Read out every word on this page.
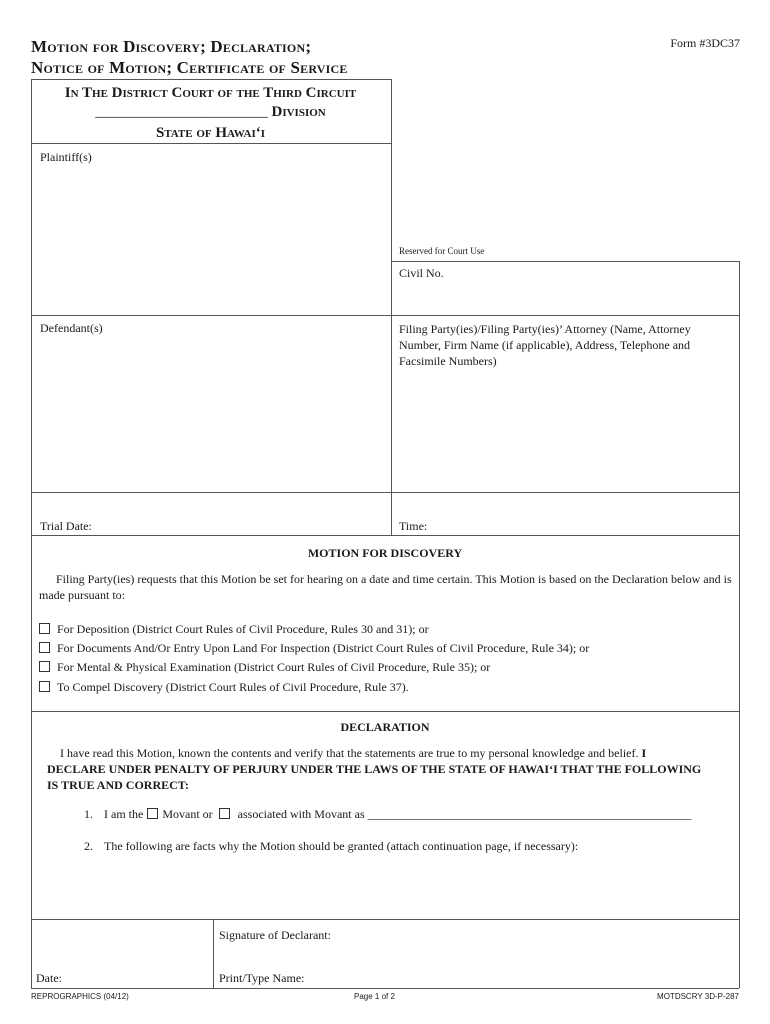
Motion for Discovery; Declaration;
Notice of Motion; Certificate of Service
Form #3DC37
In The District Court of the Third Circuit
_______________________ Division
State of Hawai‘i
Plaintiff(s)
Reserved for Court Use
Civil No.
Defendant(s)	Filing Party(ies)/Filing Party(ies)’ Attorney (Name, Attorney Number, Firm Name (if applicable), Address, Telephone and Facsimile Numbers)
Trial Date:	Time:
MOTION FOR DISCOVERY
Filing Party(ies) requests that this Motion be set for hearing on a date and time certain. This Motion is based on the Declaration below and is made pursuant to:
For Deposition (District Court Rules of Civil Procedure, Rules 30 and 31); or
For Documents And/Or Entry Upon Land For Inspection (District Court Rules of Civil Procedure, Rule 34); or
For Mental & Physical Examination (District Court Rules of Civil Procedure, Rule 35); or
To Compel Discovery (District Court Rules of Civil Procedure, Rule 37).
DECLARATION
I have read this Motion, known the contents and verify that the statements are true to my personal knowledge and belief. I
DECLARE UNDER PENALTY OF PERJURY UNDER THE LAWS OF THE STATE OF HAWAI‘I THAT THE FOLLOWING
IS TRUE AND CORRECT:
1. I am the Movant or associated with Movant as ______________________________________________________
2. The following are facts why the Motion should be granted (attach continuation page, if necessary):
Signature of Declarant:
Date:	Print/Type Name:
REPROGRAPHICS (04/12)	Page 1 of 2	MOTDSCRY 3D-P-287
